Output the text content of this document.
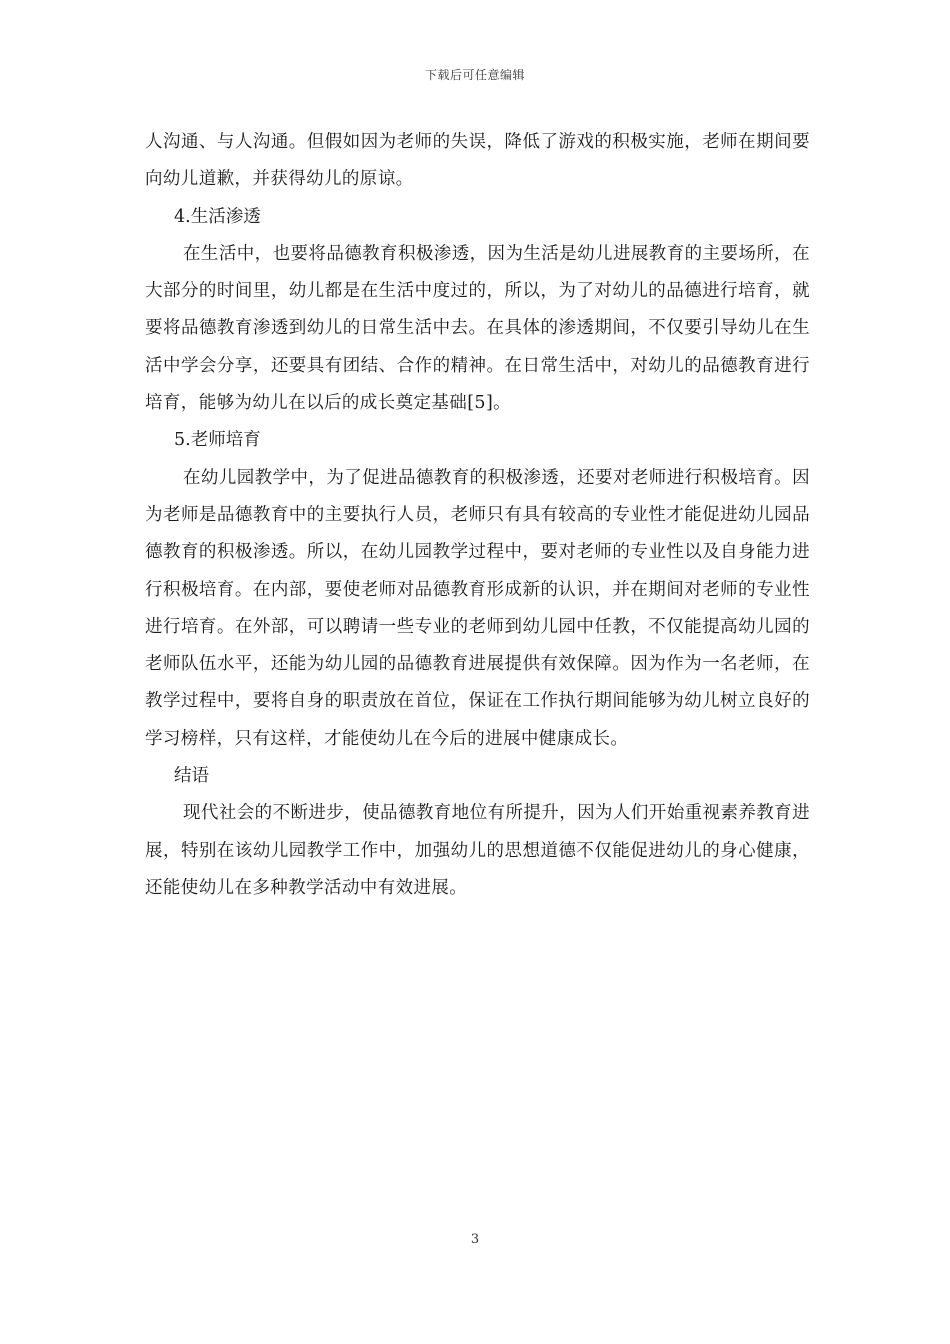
下载后可任意编辑

人沟通、与人沟通。但假如因为老师的失误，降低了游戏的积极实施，老师在期间要向幼儿道歉，并获得幼儿的原谅。

4.生活渗透

在生活中，也要将品德教育积极渗透，因为生活是幼儿进展教育的主要场所，在大部分的时间里，幼儿都是在生活中度过的，所以，为了对幼儿的品德进行培育，就要将品德教育渗透到幼儿的日常生活中去。在具体的渗透期间，不仅要引导幼儿在生活中学会分享，还要具有团结、合作的精神。在日常生活中，对幼儿的品德教育进行培育，能够为幼儿在以后的成长奠定基础[5]。

5.老师培育

在幼儿园教学中，为了促进品德教育的积极渗透，还要对老师进行积极培育。因为老师是品德教育中的主要执行人员，老师只有具有较高的专业性才能促进幼儿园品德教育的积极渗透。所以，在幼儿园教学过程中，要对老师的专业性以及自身能力进行积极培育。在内部，要使老师对品德教育形成新的认识，并在期间对老师的专业性进行培育。在外部，可以聘请一些专业的老师到幼儿园中任教，不仅能提高幼儿园的老师队伍水平，还能为幼儿园的品德教育进展提供有效保障。因为作为一名老师，在教学过程中，要将自身的职责放在首位，保证在工作执行期间能够为幼儿树立良好的学习榜样，只有这样，才能使幼儿在今后的进展中健康成长。

结语

现代社会的不断进步，使品德教育地位有所提升，因为人们开始重视素养教育进展，特别在该幼儿园教学工作中，加强幼儿的思想道德不仅能促进幼儿的身心健康，还能使幼儿在多种教学活动中有效进展。

3
